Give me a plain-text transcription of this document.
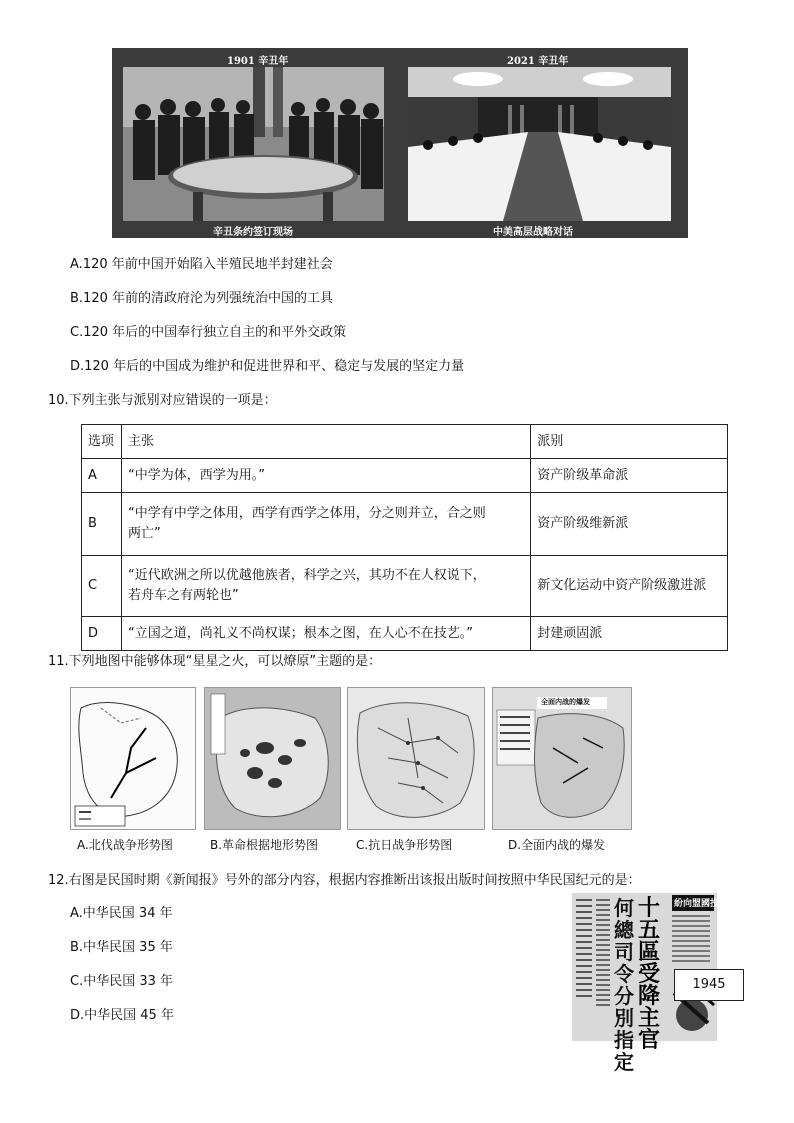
1901 辛丑年	2021 辛丑年
辛丑条约签订现场	中美高层战略对话
A.120 年前中国开始陷入半殖民地半封建社会
B.120 年前的清政府沦为列强统治中国的工具
C.120 年后的中国奉行独立自主的和平外交政策
D.120 年后的中国成为维护和促进世界和平、稳定与发展的坚定力量
10.下列主张与派别对应错误的一项是：
选项	主张	派别
A	“中学为体，西学为用。”	资产阶级革命派
B	“中学有中学之体用，西学有西学之体用，分之则并立，合之则
两亡”	资产阶级维新派
C	“近代欧洲之所以优越他族者，科学之兴，其功不在人权说下，
若舟车之有两轮也”	新文化运动中资产阶级激进派
D	“立国之道，尚礼义不尚权谋；根本之图，在人心不在技艺。”	封建顽固派
11.下列地图中能够体现“星星之火，可以燎原”主题的是：
全面内战的爆发
A.北伐战争形势图	B.革命根据地形势图	C.抗日战争形势图	D.全面内战的爆发
12.右图是民国时期《新闻报》号外的部分内容，根据内容推断出该报出版时间按照中华民国纪元的是：
A.中华民国 34 年
B.中华民国 35 年
C.中华民国 33 年
D.中华民国 45 年
何總司令分別指定
十五區受降主官
紛向盟國投
1945
